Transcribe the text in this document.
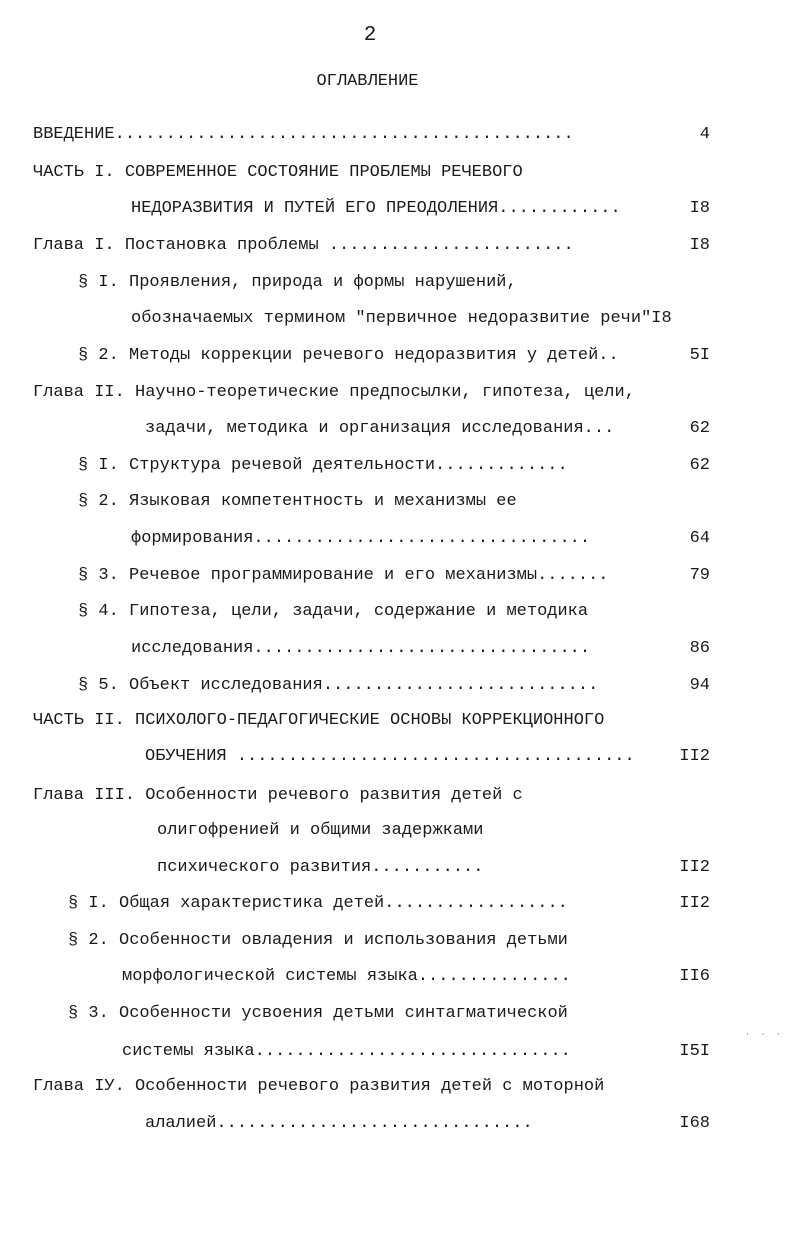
2
ОГЛАВЛЕНИЕ
ВВЕДЕНИЕ.............................................	4
ЧАСТЬ I. СОВРЕМЕННОЕ СОСТОЯНИЕ ПРОБЛЕМЫ РЕЧЕВОГО
НЕДОРАЗВИТИЯ И ПУТЕЙ ЕГО ПРЕОДОЛЕНИЯ............	I8
Глава I. Постановка проблемы ........................	I8
§ I. Проявления, природа и формы нарушений,
обозначаемых термином "первичное недоразвитие речи"I8
§ 2. Методы коррекции речевого недоразвития у детей..	5I
Глава II. Научно-теоретические предпосылки, гипотеза, цели,
задачи, методика и организация исследования...	62
§ I. Структура речевой деятельности.............	62
§ 2. Языковая компетентность и механизмы ее
формирования.................................	64
§ 3. Речевое программирование и его механизмы.......	79
§ 4. Гипотеза, цели, задачи, содержание и методика
исследования.................................	86
§ 5. Объект исследования...........................	94
ЧАСТЬ II. ПСИХОЛОГО-ПЕДАГОГИЧЕСКИЕ ОСНОВЫ КОРРЕКЦИОННОГО
ОБУЧЕНИЯ .......................................	II2
Глава III. Особенности речевого развития детей с
олигофренией и общими задержками
психического развития...........	II2
§ I. Общая характеристика детей..................	II2
§ 2. Особенности овладения и использования детьми
морфологической системы языка...............	II6
§ 3. Особенности усвоения детьми синтагматической
системы языка...............................	I5I
Глава IУ. Особенности речевого развития детей с моторной
алалией...............................	I68
· · ·
